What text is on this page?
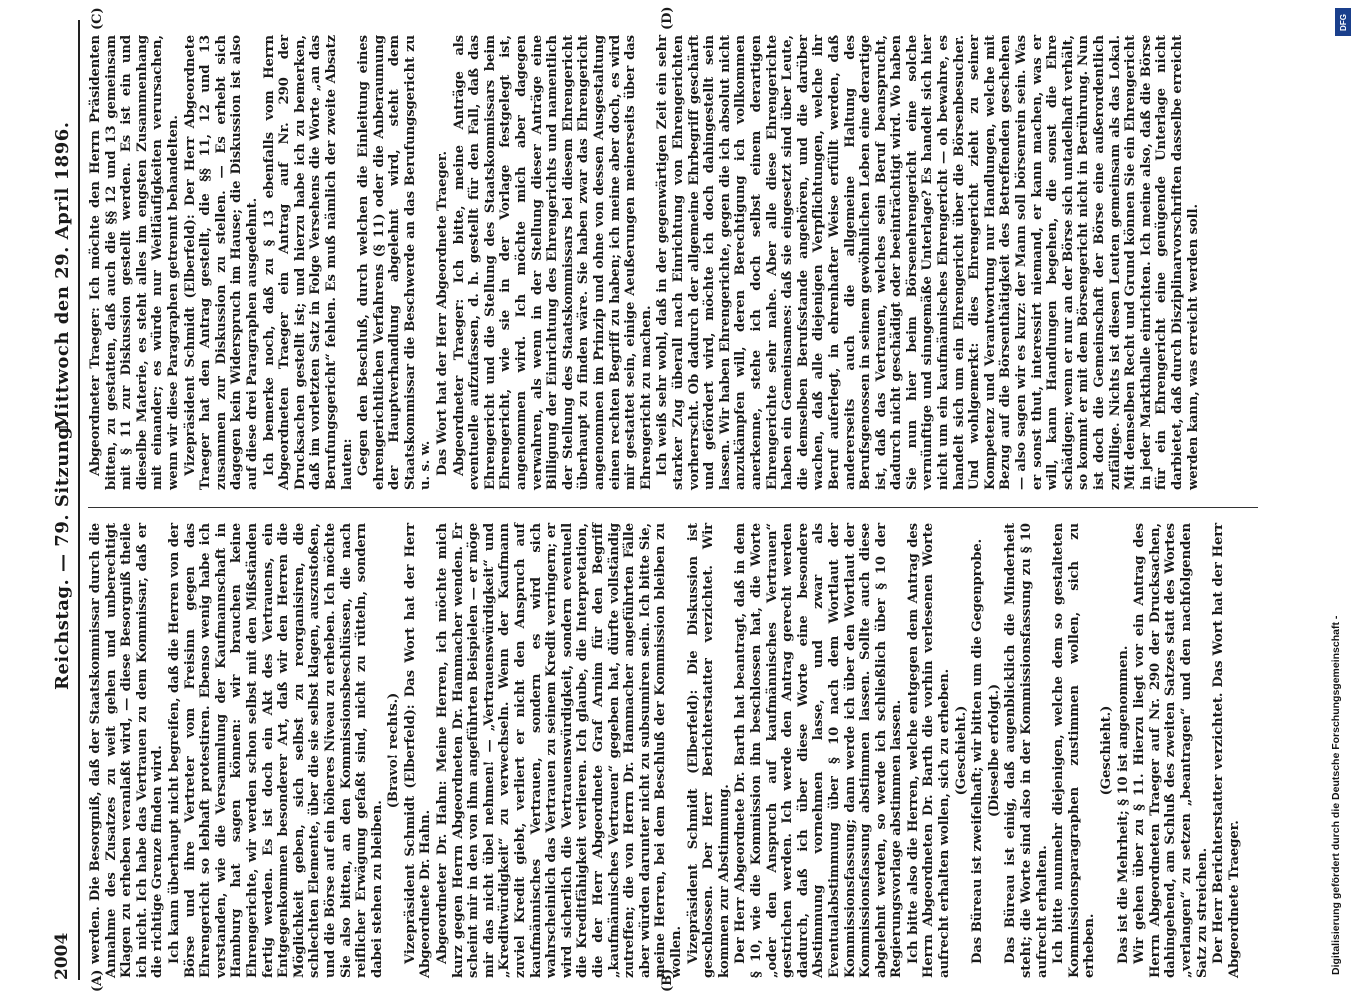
2004
Reichstag. — 79. Sitzung.
Mittwoch den 29. April 1896.
(A)	(B)
(C)	(D)

werden. Die Besorgniß, daß der Staatskommissar durch die Annahme des Zusatzes zu weit gehen und unberechtigt Klagen zu erheben veranlaßt wird, — diese Besorgniß theile ich nicht. Ich habe das Vertrauen zu dem Kommissar, daß er die richtige Grenze finden wird. Ich kann überhaupt nicht begreifen, daß die Herren von der Börse und ihre Vertreter vom Freisinn gegen das Ehrengericht so lebhaft protestiren. Ebenso wenig habe ich verstanden, wie die Versammlung der Kaufmannschaft in Hamburg hat sagen können: wir brauchen keine Ehrengerichte, wir werden schon selbst mit den Mißständen fertig werden. Es ist doch ein Akt des Vertrauens, ein Entgegenkommen besonderer Art, daß wir den Herren die Möglichkeit geben, sich selbst zu reorganisiren, die schlechten Elemente, über die sie selbst klagen, auszustoßen, und die Börse auf ein höheres Niveau zu erheben. Ich möchte Sie also bitten, an den Kommissionsbeschlüssen, die nach reiflicher Erwägung gefaßt sind, nicht zu rütteln, sondern dabei stehen zu bleiben.

(Bravo! rechts.) Vizepräsident Schmidt (Elberfeld): Das Wort hat der Herr Abgeordnete Dr. Hahn. Abgeordneter Dr. Hahn: Meine Herren, ich möchte mich kurz gegen Herrn Abgeordneten Dr. Hammacher wenden. Er scheint mir in den von ihm angeführten Beispielen — er möge mir das nicht übel nehmen! — „Vertrauenswürdigkeit“ und „Kreditwürdigkeit“ zu verwechseln. Wenn der Kaufmann zuviel Kredit giebt, verliert er nicht den Anspruch auf kaufmännisches Vertrauen, sondern es wird sich wahrscheinlich das Vertrauen zu seinem Kredit verringern; er wird sicherlich die Vertrauenswürdigkeit, sondern eventuell die Kreditfähigkeit verlieren. Ich glaube, die Interpretation, die der Herr Abgeordnete Graf Arnim für den Begriff „kaufmännisches Vertrauen“ gegeben hat, dürfte vollständig zutreffen; die von Herrn Dr. Hammacher angeführten Fälle aber würden darunter nicht zu subsumiren sein. Ich bitte Sie, meine Herren, bei dem Beschluß der Kommission bleiben zu wollen. Vizepräsident Schmidt (Elberfeld): Die Diskussion ist geschlossen. Der Herr Berichterstatter verzichtet. Wir kommen zur Abstimmung. Der Herr Abgeordnete Dr. Barth hat beantragt, daß in dem § 10, wie die Kommission ihn beschlossen hat, die Worte „oder den Anspruch auf kaufmännisches Vertrauen“ gestrichen werden. Ich werde den Antrag gerecht werden dadurch, daß ich über diese Worte eine besondere Abstimmung vornehmen lasse, und zwar als Eventualabstimmung über § 10 nach dem Wortlaut der Kommissionsfassung; dann werde ich über den Wortlaut der Kommissionsfassung abstimmen lassen. Sollte auch diese abgelehnt werden, so werde ich schließlich über § 10 der Regierungsvorlage abstimmen lassen. Ich bitte also die Herren, welche entgegen dem Antrag des Herrn Abgeordneten Dr. Barth die vorhin verlesenen Worte aufrecht erhalten wollen, sich zu erheben. (Geschieht.) Das Büreau ist zweifelhaft; wir bitten um die Gegenprobe. (Dieselbe erfolgt.) Das Büreau ist einig, daß augenblicklich die Minderheit steht; die Worte sind also in der Kommissionsfassung zu § 10 aufrecht erhalten. Ich bitte nunmehr diejenigen, welche dem so gestalteten Kommissionsparagraphen zustimmen wollen, sich zu erheben.

(Geschieht.) Das ist die Mehrheit; § 10 ist angenommen. Wir gehen über zu § 11. Hierzu liegt vor ein Antrag des Herrn Abgeordneten Traeger auf Nr. 290 der Drucksachen, dahingehend, am Schluß des zweiten Satzes statt des Wortes „verlangen“ zu setzen „beantragen“ und den nachfolgenden Satz zu streichen. Der Herr Berichterstatter verzichtet. Das Wort hat der Herr Abgeordnete Traeger.

Abgeordneter Traeger: Ich möchte den Herrn Präsidenten bitten, zu gestatten, daß auch die §§ 12 und 13 gemeinsam mit § 11 zur Diskussion gestellt werden. Es ist ein und dieselbe Materie, es steht alles im engsten Zusammenhang mit einander; es würde nur Weitläufigkeiten verursachen, wenn wir diese Paragraphen getrennt behandelten. Vizepräsident Schmidt (Elberfeld): Der Herr Abgeordnete Traeger hat den Antrag gestellt, die §§ 11, 12 und 13 zusammen zur Diskussion zu stellen. — Es erhebt sich dagegen kein Widerspruch im Hause; die Diskussion ist also auf diese drei Paragraphen ausgedehnt. Ich bemerke noch, daß zu § 13 ebenfalls vom Herrn Abgeordneten Traeger ein Antrag auf Nr. 290 der Drucksachen gestellt ist; und hierzu habe ich zu bemerken, daß im vorletzten Satz in Folge Versehens die Worte „an das Berufungsgericht“ fehlen. Es muß nämlich der zweite Absatz lauten: Gegen den Beschluß, durch welchen die Einleitung eines ehrengerichtlichen Verfahrens (§ 11) oder die Anberaumung der Hauptverhandlung abgelehnt wird, steht dem Staatskommissar die Beschwerde an das Berufungsgericht zu u. s. w. Das Wort hat der Herr Abgeordnete Traeger. Abgeordneter Traeger: Ich bitte, meine Anträge als eventuelle aufzufassen, d. h. gestellt für den Fall, daß das Ehrengericht und die Stellung des Staatskommissars beim Ehrengericht, wie sie in der Vorlage festgelegt ist, angenommen wird. Ich möchte mich aber dagegen verwahren, als wenn in der Stellung dieser Anträge eine Billigung der Einrichtung des Ehrengerichts und namentlich der Stellung des Staatskommissars bei diesem Ehrengericht überhaupt zu finden wäre. Sie haben zwar das Ehrengericht angenommen im Prinzip und ohne von dessen Ausgestaltung einen rechten Begriff zu haben; ich meine aber doch, es wird mir gestattet sein, einige Aeußerungen meinerseits über das Ehrengericht zu machen. Ich weiß sehr wohl, daß in der gegenwärtigen Zeit ein sehr starker Zug überall nach Einrichtung von Ehrengerichten vorherrscht. Ob dadurch der allgemeine Ehrbegriff geschärft und gefördert wird, möchte ich doch dahingestellt sein lassen. Wir haben Ehrengerichte, gegen die ich absolut nicht anzukämpfen will, deren Berechtigung ich vollkommen anerkenne, stehe ich doch selbst einem derartigen Ehrengerichte sehr nahe. Aber alle diese Ehrengerichte haben ein Gemeinsames: daß sie eingesetzt sind über Leute, die demselben Berufsstande angehören, und die darüber wachen, daß alle diejenigen Verpflichtungen, welche ihr Beruf auferlegt, in ehrenhafter Weise erfüllt werden, daß andererseits auch die allgemeine Haltung des Berufsgenossen in seinem gewöhnlichen Leben eine derartige ist, daß das Vertrauen, welches sein Beruf beansprucht, dadurch nicht geschädigt oder beeinträchtigt wird. Wo haben Sie nun hier beim Börsenehrengericht eine solche vernünftige und sinngemäße Unterlage? Es handelt sich hier nicht um ein kaufmännisches Ehrengericht — oh bewahre, es handelt sich um ein Ehrengericht über die Börsenbesucher. Und wohlgemerkt: dies Ehrengericht zieht zu seiner Kompetenz und Verantwortung nur Handlungen, welche mit Bezug auf die Börsenthätigkeit des Betreffenden geschehen — also sagen wir es kurz: der Mann soll börsenrein sein. Was er sonst thut, interessirt niemand, er kann machen, was er will, kann Handlungen begehen, die sonst die Ehre schädigen; wenn er nur an der Börse sich untadelhaft verhält, so kommt er mit dem Börsengericht nicht in Berührung. Nun ist doch die Gemeinschaft der Börse eine außerordentlich zufällige. Nichts ist diesen Leuten gemeinsam als das Lokal. Mit demselben Recht und Grund können Sie ein Ehrengericht in jeder Markthalle einrichten. Ich meine also, daß die Börse für ein Ehrengericht eine genügende Unterlage nicht darbietet, daß durch Disziplinarvorschriften dasselbe erreicht werden kann, was erreicht werden soll.

Digitalisierung gefördert durch die Deutsche Forschungsgemeinschaft -
DFG
